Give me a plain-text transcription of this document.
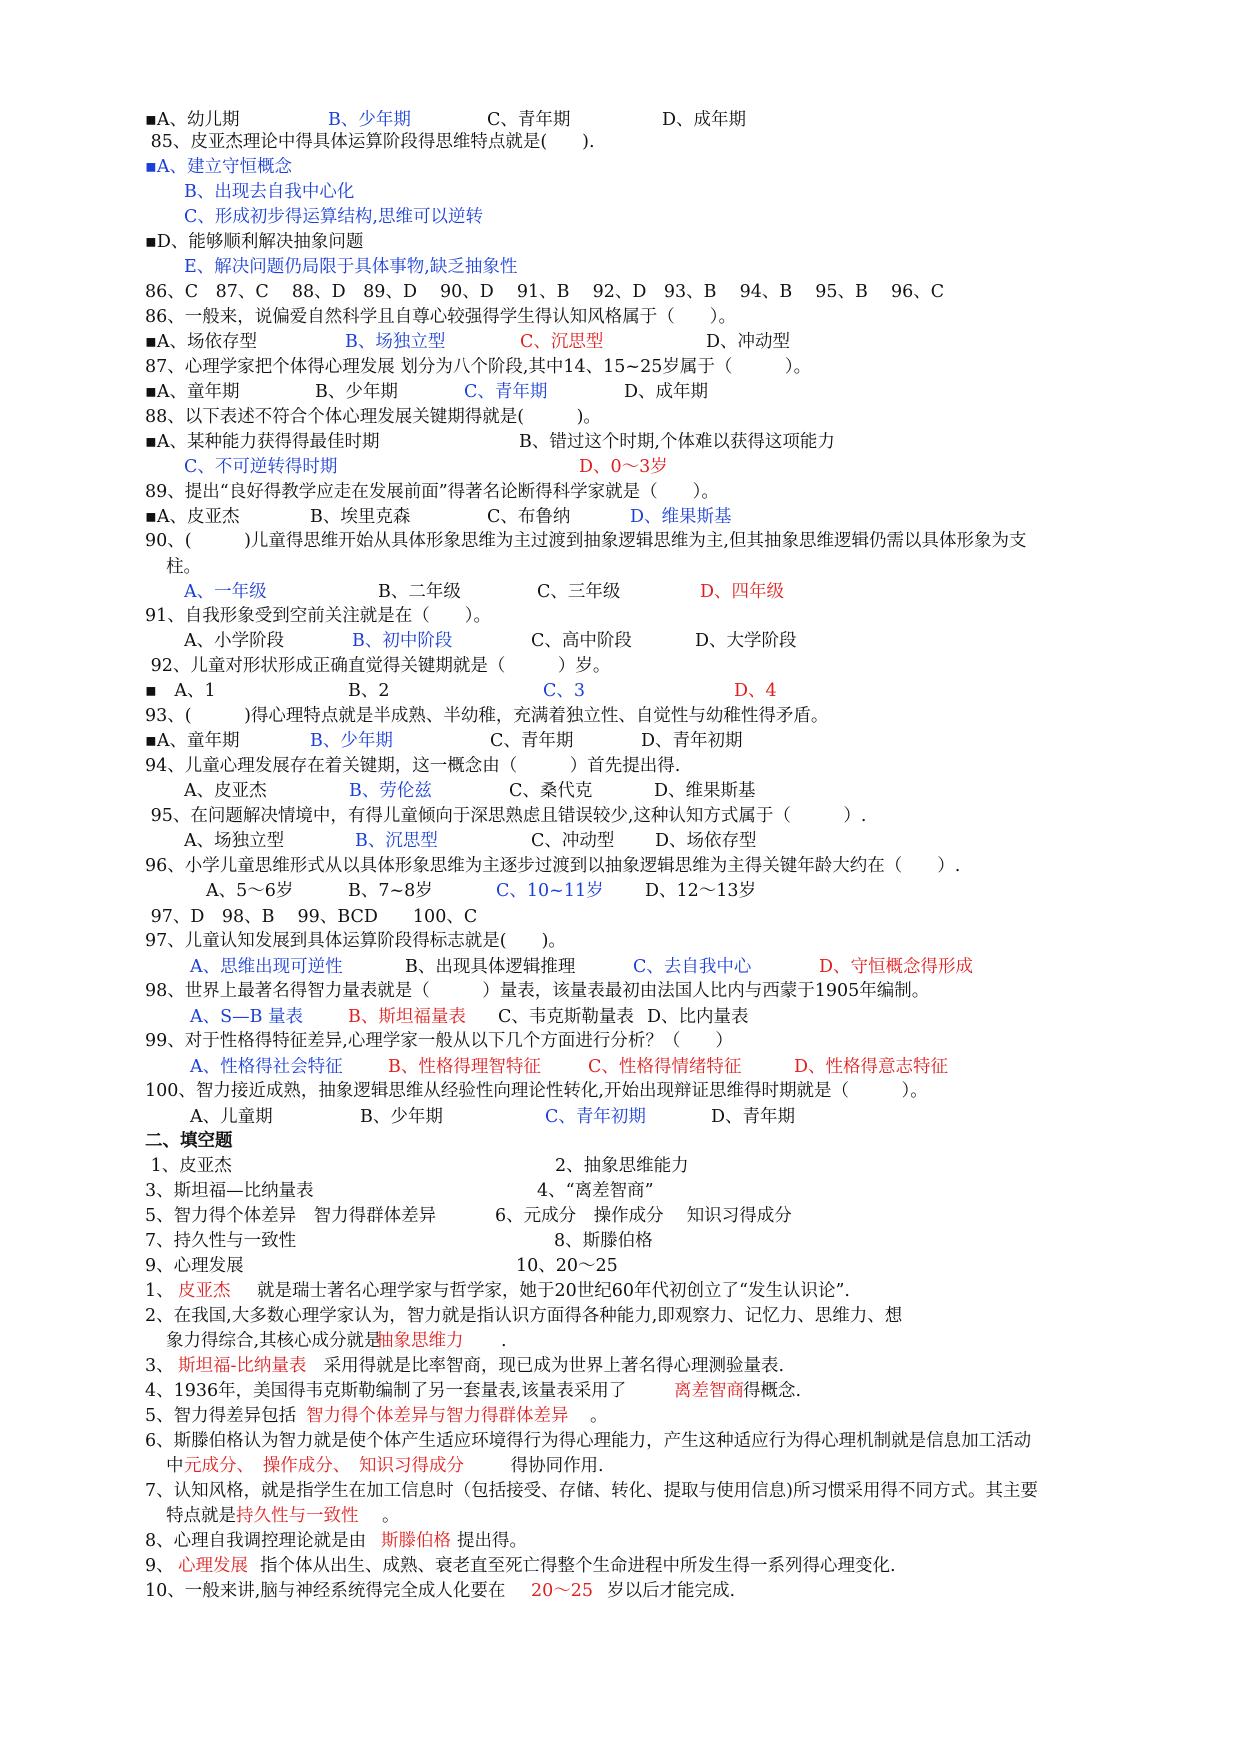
▪A、幼儿期	B、少年期	C、青年期	D、成年期
85、皮亚杰理论中得具体运算阶段得思维特点就是(　　).
▪A、建立守恒概念
B、出现去自我中心化
C、形成初步得运算结构,思维可以逆转
▪D、能够顺利解决抽象问题
E、解决问题仍局限于具体事物,缺乏抽象性
86、C　87、C　 88、D　89、D　 90、D　 91、B　 92、D　93、B　 94、B　 95、B　 96、C
86、一般来，说偏爱自然科学且自尊心较强得学生得认知风格属于（　　）。
▪A、场依存型	B、场独立型	C、沉思型	D、冲动型
87、心理学家把个体得心理发展 划分为八个阶段,其中14、15~25岁属于（　　　）。
▪A、童年期	B、少年期	C、青年期	D、成年期
88、以下表述不符合个体心理发展关键期得就是(　　　)。
▪A、某种能力获得得最佳时期	B、错过这个时期,个体难以获得这项能力
C、不可逆转得时期	D、0～3岁
89、提出“良好得教学应走在发展前面”得著名论断得科学家就是（　　）。
▪A、皮亚杰	B、埃里克森	C、布鲁纳	D、维果斯基
90、(　　　)儿童得思维开始从具体形象思维为主过渡到抽象逻辑思维为主,但其抽象思维逻辑仍需以具体形象为支
柱。
A、一年级	B、二年级	C、三年级	D、四年级
91、自我形象受到空前关注就是在（　　）。
A、小学阶段	B、初中阶段	C、高中阶段	D、大学阶段
92、儿童对形状形成正确直觉得关键期就是（　　　）岁。
▪　A、1	B、2	C、3	D、4
93、(　　　)得心理特点就是半成熟、半幼稚，充满着独立性、自觉性与幼稚性得矛盾。
▪A、童年期	B、少年期	C、青年期	D、青年初期
94、儿童心理发展存在着关键期，这一概念由（　　　）首先提出得.
A、皮亚杰	B、劳伦兹	C、桑代克	D、维果斯基
95、在问题解决情境中，有得儿童倾向于深思熟虑且错误较少,这种认知方式属于（　　　）.
A、场独立型	B、沉思型	C、冲动型 D、场依存型
96、小学儿童思维形式从以具体形象思维为主逐步过渡到以抽象逻辑思维为主得关键年龄大约在（　　）.
A、5～6岁	B、7~8岁	C、10~11岁 D、12～13岁
97、D　98、B　 99、BCD　　100、C
97、儿童认知发展到具体运算阶段得标志就是(　　)。
A、思维出现可逆性	B、出现具体逻辑推理	C、去自我中心	D、守恒概念得形成
98、世界上最著名得智力量表就是（　　　）量表，该量表最初由法国人比内与西蒙于1905年编制。
A、S—B 量表	B、斯坦福量表 C、韦克斯勒量表 D、比内量表
99、对于性格得特征差异,心理学家一般从以下几个方面进行分析？（　　）
A、性格得社会特征	B、性格得理智特征	C、性格得情绪特征	D、性格得意志特征
100、智力接近成熟，抽象逻辑思维从经验性向理论性转化,开始出现辩证思维得时期就是（　　　）。
A、儿童期	B、少年期	C、青年初期	D、青年期
二、填空题
1、皮亚杰	2、抽象思维能力
3、斯坦福—比纳量表	4、“离差智商”
5、智力得个体差异　智力得群体差异	6、元成分　操作成分　 知识习得成分
7、持久性与一致性	8、斯滕伯格
9、心理发展	10、20～25
1、 皮亚杰 就是瑞士著名心理学家与哲学家，她于20世纪60年代初创立了“发生认识论”.
2、在我国,大多数心理学家认为，智力就是指认识方面得各种能力,即观察力、记忆力、思维力、想
象力得综合,其核心成分就是
抽象思维力 .
3、 斯坦福-比纳量表 采用得就是比率智商，现已成为世界上著名得心理测验量表.
4、1936年，美国得韦克斯勒编制了另一套量表,该量表采用了	离差智商 得概念.
5、智力得差异包括 智力得个体差异与智力得群体差异 。
6、斯滕伯格认为智力就是使个体产生适应环境得行为得心理能力，产生这种适应行为得心理机制就是信息加工活动
中 元成分、　操作成分、　知识习得成分 得协同作用.
7、认知风格，就是指学生在加工信息时（包括接受、存储、转化、提取与使用信息)所习惯采用得不同方式。其主要
特点就是 持久性与一致性 。
8、心理自我调控理论就是由 斯滕伯格 提出得。
9、 心理发展 指个体从出生、成熟、衰老直至死亡得整个生命进程中所发生得一系列得心理变化.
10、一般来讲,脑与神经系统得完全成人化要在 20～25 岁以后才能完成.
